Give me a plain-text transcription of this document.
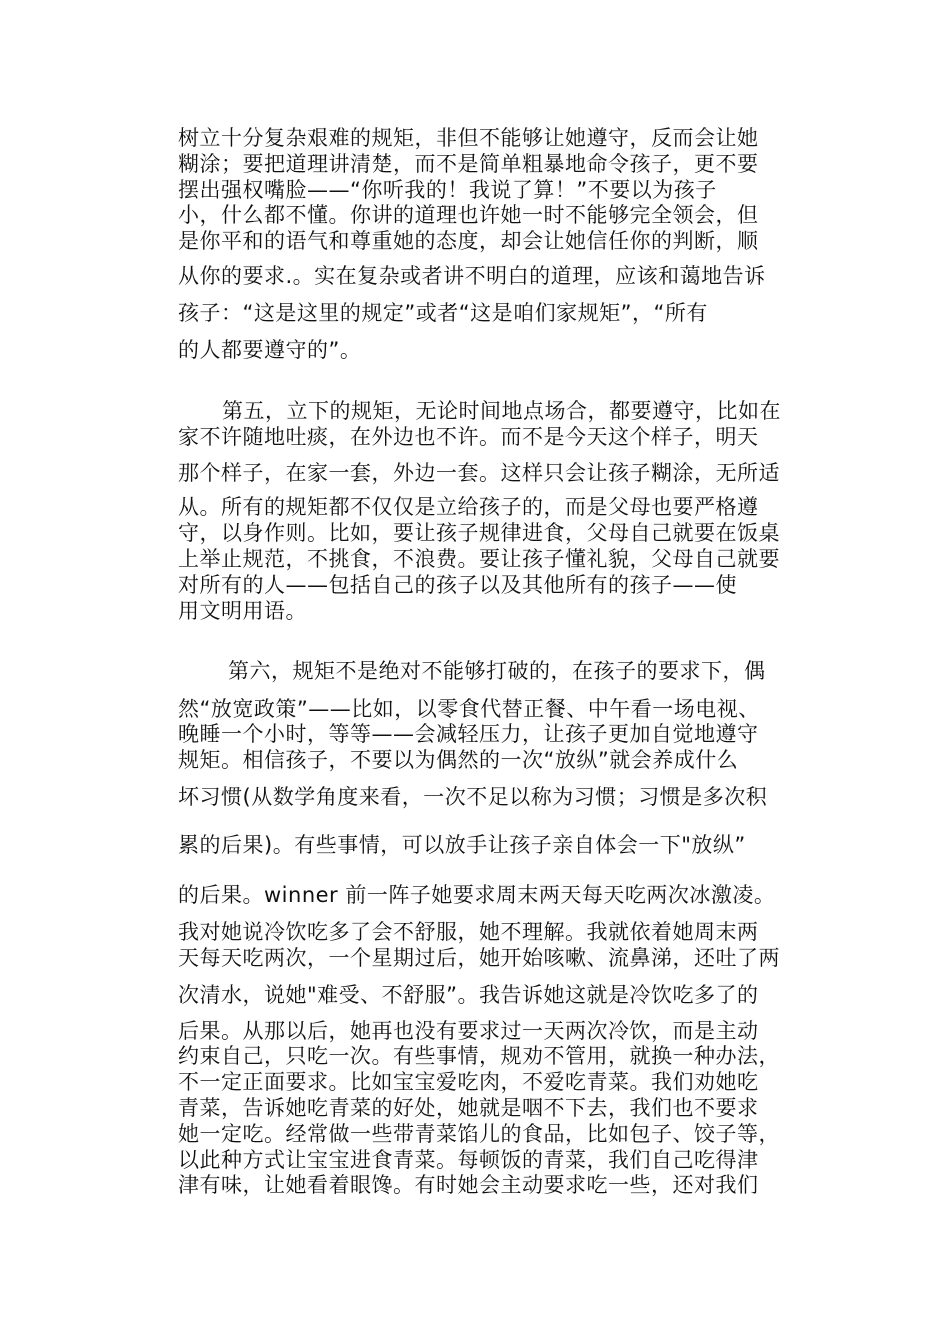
树立十分复杂艰难的规矩，非但不能够让她遵守，反而会让她
糊涂；要把道理讲清楚，而不是简单粗暴地命令孩子，更不要
摆出强权嘴脸——“你听我的！我说了算！”不要以为孩子
小，什么都不懂。你讲的道理也许她一时不能够完全领会，但
是你平和的语气和尊重她的态度，却会让她信任你的判断，顺
从你的要求.。实在复杂或者讲不明白的道理，应该和蔼地告诉
孩子：“这是这里的规定”或者“这是咱们家规矩”，“所有
的人都要遵守的”。
第五，立下的规矩，无论时间地点场合，都要遵守，比如在
家不许随地吐痰，在外边也不许。而不是今天这个样子，明天
那个样子，在家一套，外边一套。这样只会让孩子糊涂，无所适
从。所有的规矩都不仅仅是立给孩子的，而是父母也要严格遵
守，以身作则。比如，要让孩子规律进食，父母自己就要在饭桌
上举止规范，不挑食，不浪费。要让孩子懂礼貌，父母自己就要
对所有的人——包括自己的孩子以及其他所有的孩子——使
用文明用语。
第六，规矩不是绝对不能够打破的，在孩子的要求下，偶
然“放宽政策”——比如，以零食代替正餐、中午看一场电视、
晚睡一个小时，等等——会减轻压力，让孩子更加自觉地遵守
规矩。相信孩子，不要以为偶然的一次“放纵”就会养成什么
坏习惯(从数学角度来看，一次不足以称为习惯；习惯是多次积
累的后果)。有些事情，可以放手让孩子亲自体会一下"放纵”
的后果。winner 前一阵子她要求周末两天每天吃两次冰激凌。
我对她说冷饮吃多了会不舒服，她不理解。我就依着她周末两
天每天吃两次，一个星期过后，她开始咳嗽、流鼻涕，还吐了两
次清水，说她"难受、不舒服”。我告诉她这就是冷饮吃多了的
后果。从那以后，她再也没有要求过一天两次冷饮，而是主动
约束自己，只吃一次。有些事情，规劝不管用，就换一种办法，
不一定正面要求。比如宝宝爱吃肉，不爱吃青菜。我们劝她吃
青菜，告诉她吃青菜的好处，她就是咽不下去，我们也不要求
她一定吃。经常做一些带青菜馅儿的食品，比如包子、饺子等，
以此种方式让宝宝进食青菜。每顿饭的青菜，我们自己吃得津
津有味，让她看着眼馋。有时她会主动要求吃一些，还对我们
